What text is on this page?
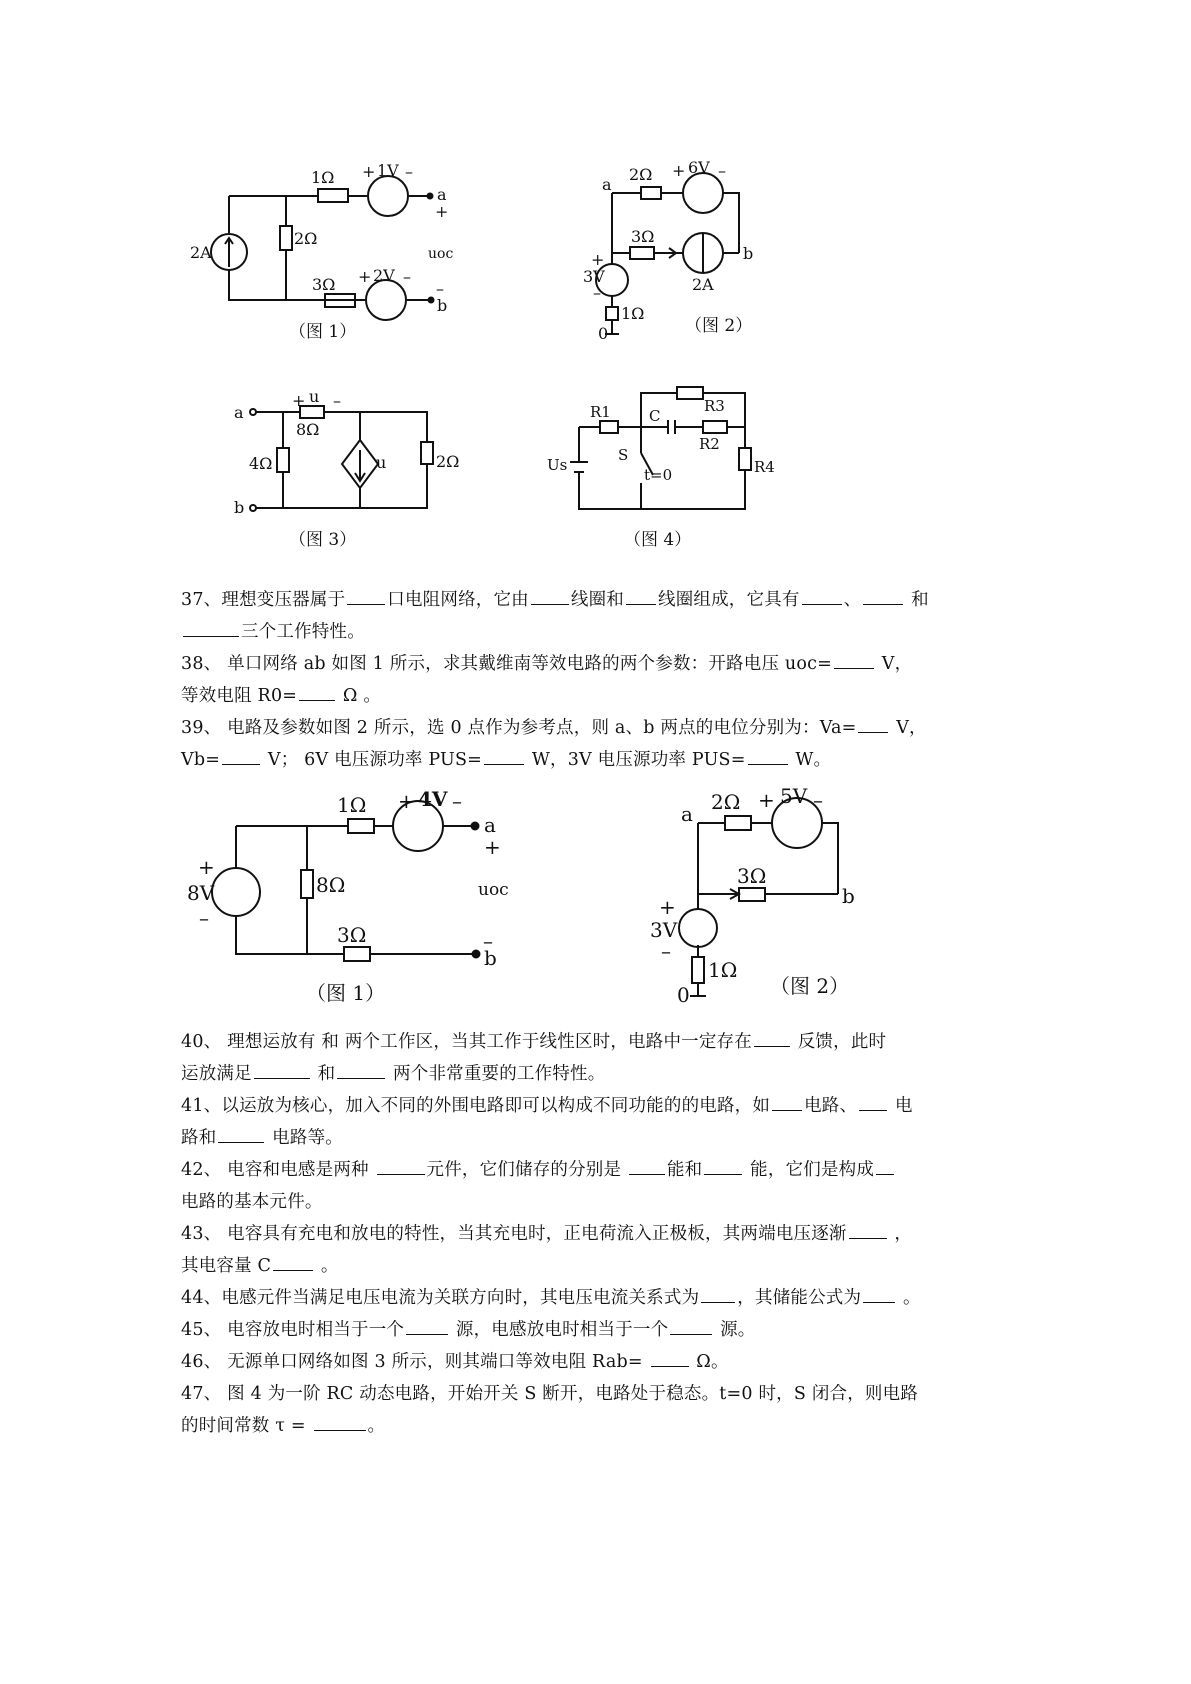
1Ω + 1V –
a
+
2Ω
2A	uoc
3Ω + 2V –
–
b
（图 1）
a
2Ω + 6V –
3Ω
b
2A
+
3V
–
1Ω
0	（图 2）
a
b
+ u –
8Ω
4Ω	u	2Ω
（图 3）
R1	C
R3
R2
R4
Us
S
t=0
（图 4）
37、理想变压器属于 口电阻网络，它由 线圈和 线圈组成，它具有	、	和
三个工作特性。
38、 单口网络 ab 如图 1 所示，求其戴维南等效电路的两个参数：开路电压 uoc=	V，
等效电阻 R0=	Ω 。
39、 电路及参数如图 2 所示，选 0 点作为参考点，则 a、b 两点的电位分别为：Va= V，
Vb=	V； 6V 电压源功率 PUS=	W，3V 电压源功率 PUS=	W。
1Ω + 4V –
a
+
+
8V
–
8Ω	uoc
3Ω	–
b
（图 1）
a 2Ω + 5V –
3Ω
b
+
3V
–
1Ω
0	（图 2）
40、 理想运放有 和 两个工作区，当其工作于线性区时，电路中一定存在	反馈，此时
运放满足	和	两个非常重要的工作特性。
41、以运放为核心，加入不同的外围电路即可以构成不同功能的的电路，如 电路、 电
路和	电路等。
42、 电容和电感是两种	元件，它们储存的分别是	能和	能，它们是构成
电路的基本元件。
43、 电容具有充电和放电的特性，当其充电时，正电荷流入正极板，其两端电压逐渐	，
其电容量 C	。
44、电感元件当满足电压电流为关联方向时，其电压电流关系式为 ，其储能公式为 。
45、 电容放电时相当于一个	源，电感放电时相当于一个	源。
46、 无源单口网络如图 3 所示，则其端口等效电阻 Rab=	Ω。
47、 图 4 为一阶 RC 动态电路，开始开关 S 断开，电路处于稳态。t=0 时，S 闭合，则电路
的时间常数 τ =	。
